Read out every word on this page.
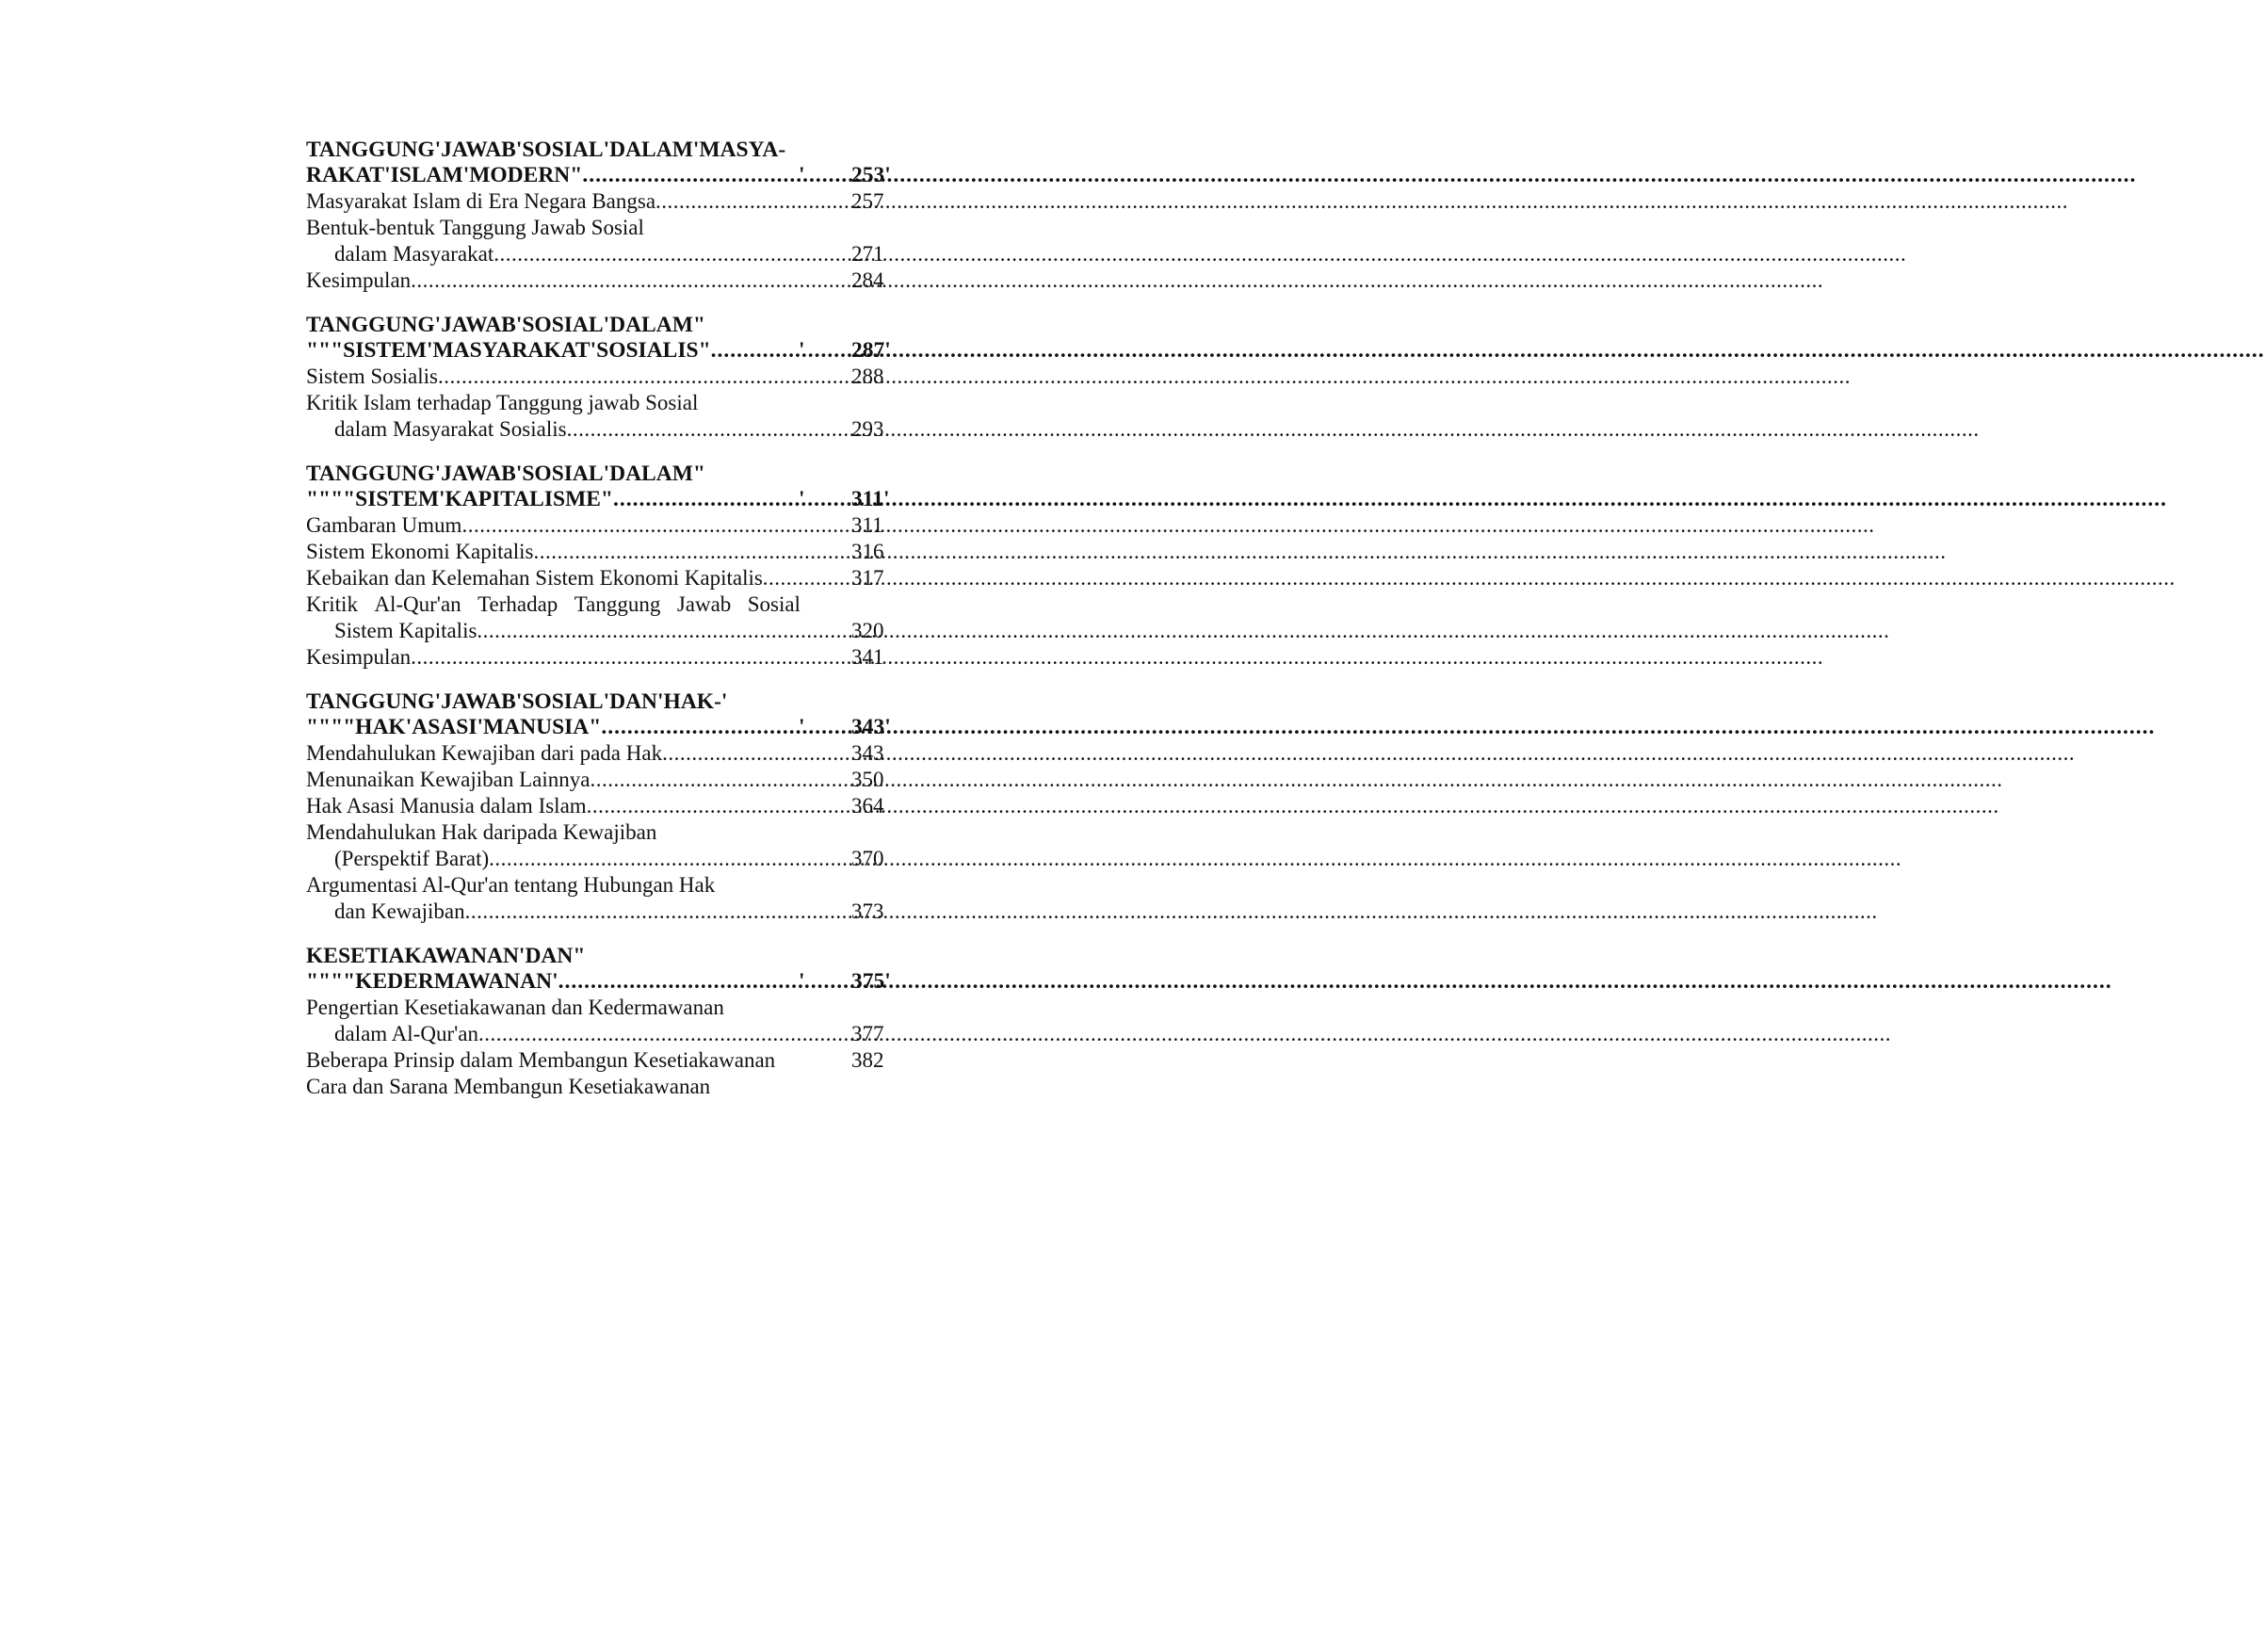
TANGGUNG'JAWAB'SOSIAL'DALAM'MASYA-
RAKAT'ISLAM'MODERN" .....	'	253'
Masyarakat Islam di Era Negara Bangsa .....	257
Bentuk-bentuk Tanggung Jawab Sosial
dalam Masyarakat .....	271
Kesimpulan .....	284
TANGGUNG'JAWAB'SOSIAL'DALAM"
"""SISTEM'MASYARAKAT'SOSIALIS" .....	'	287'
Sistem Sosialis .....	288
Kritik Islam terhadap Tanggung jawab Sosial
dalam Masyarakat Sosialis .....	293
TANGGUNG'JAWAB'SOSIAL'DALAM"
""""SISTEM'KAPITALISME" .....	'	311'
Gambaran Umum .....	311
Sistem Ekonomi Kapitalis .....	316
Kebaikan dan Kelemahan Sistem Ekonomi Kapitalis .....	317
Kritik Al-Qur'an Terhadap Tanggung Jawab Sosial
Sistem Kapitalis .....	320
Kesimpulan .....	341
TANGGUNG'JAWAB'SOSIAL'DAN'HAK-'
""""HAK'ASASI'MANUSIA" .....	'	343'
Mendahulukan Kewajiban dari pada Hak .....	343
Menunaikan Kewajiban Lainnya .....	350
Hak Asasi Manusia dalam Islam .....	364
Mendahulukan Hak daripada Kewajiban
(Perspektif Barat) .....	370
Argumentasi Al-Qur'an tentang Hubungan Hak
dan Kewajiban .....	373
KESETIAKAWANAN'DAN"
""""KEDERMAWANAN' .....	'	375'
Pengertian Kesetiakawanan dan Kedermawanan
dalam Al-Qur'an .....	377
Beberapa Prinsip dalam Membangun Kesetiakawanan	382
Cara dan Sarana Membangun Kesetiakawanan
